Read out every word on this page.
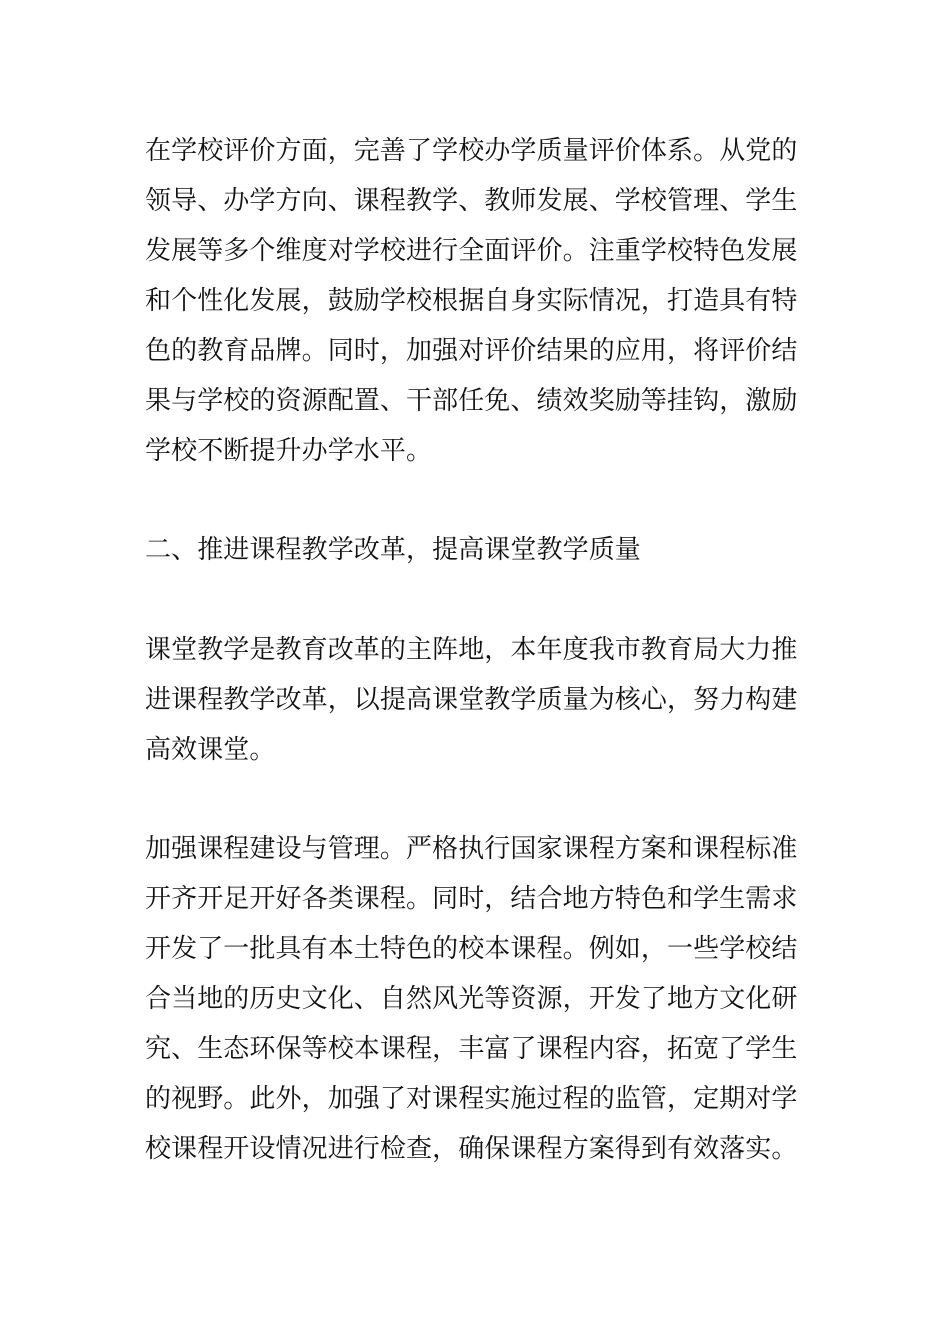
在学校评价方面，完善了学校办学质量评价体系。从党的
领导、办学方向、课程教学、教师发展、学校管理、学生
发展等多个维度对学校进行全面评价。注重学校特色发展
和个性化发展，鼓励学校根据自身实际情况，打造具有特
色的教育品牌。同时，加强对评价结果的应用，将评价结
果与学校的资源配置、干部任免、绩效奖励等挂钩，激励
学校不断提升办学水平。
二、推进课程教学改革，提高课堂教学质量
课堂教学是教育改革的主阵地，本年度我市教育局大力推
进课程教学改革，以提高课堂教学质量为核心，努力构建
高效课堂。
加强课程建设与管理。严格执行国家课程方案和课程标准
开齐开足开好各类课程。同时，结合地方特色和学生需求
开发了一批具有本土特色的校本课程。例如，一些学校结
合当地的历史文化、自然风光等资源，开发了地方文化研
究、生态环保等校本课程，丰富了课程内容，拓宽了学生
的视野。此外，加强了对课程实施过程的监管，定期对学
校课程开设情况进行检查，确保课程方案得到有效落实。
